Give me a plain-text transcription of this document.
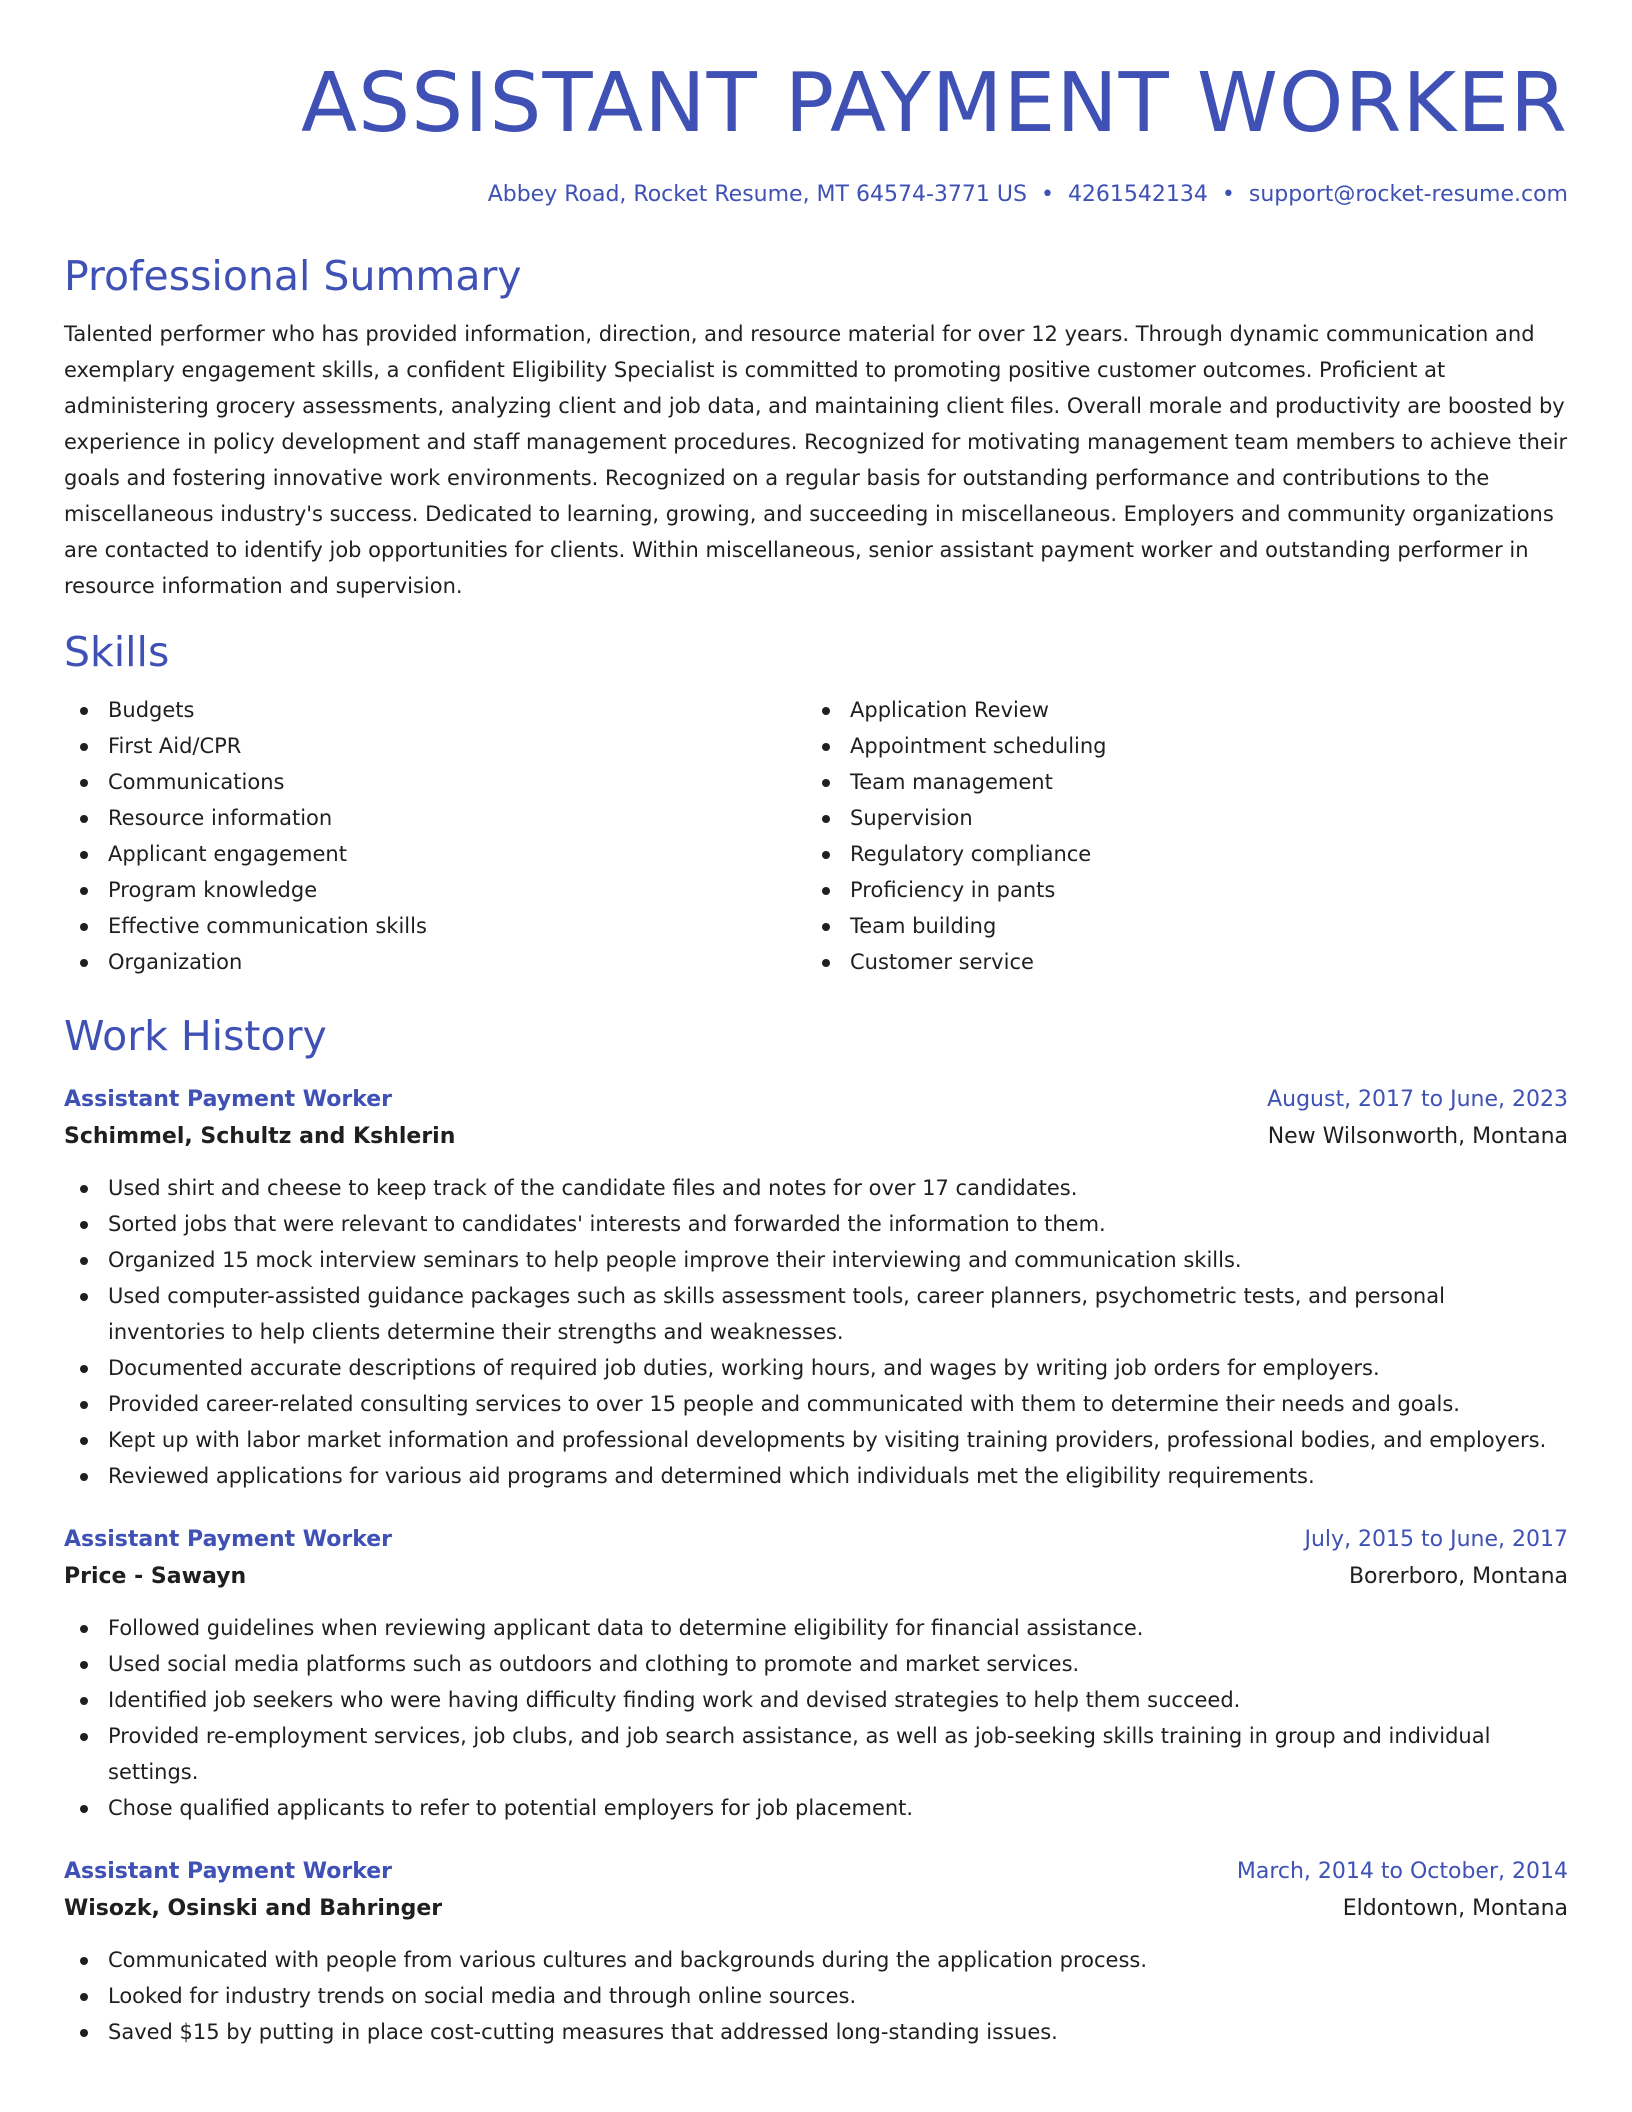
ASSISTANT PAYMENT WORKER
Abbey Road, Rocket Resume, MT 64574-3771 US • 4261542134 • support@rocket-resume.com
Professional Summary

Talented performer who has provided information, direction, and resource material for over 12 years. Through dynamic communication and exemplary engagement skills, a confident Eligibility Specialist is committed to promoting positive customer outcomes. Proficient at administering grocery assessments, analyzing client and job data, and maintaining client files. Overall morale and productivity are boosted by experience in policy development and staff management procedures. Recognized for motivating management team members to achieve their goals and fostering innovative work environments. Recognized on a regular basis for outstanding performance and contributions to the miscellaneous industry's success. Dedicated to learning, growing, and succeeding in miscellaneous. Employers and community organizations are contacted to identify job opportunities for clients. Within miscellaneous, senior assistant payment worker and outstanding performer in resource information and supervision.

Skills
Budgets
First Aid/CPR
Communications
Resource information
Applicant engagement
Program knowledge
Effective communication skills
Organization
Application Review
Appointment scheduling
Team management
Supervision
Regulatory compliance
Proficiency in pants
Team building
Customer service
Work History
Assistant Payment Worker	August, 2017 to June, 2023
Schimmel, Schultz and Kshlerin	New Wilsonworth, Montana
Used shirt and cheese to keep track of the candidate files and notes for over 17 candidates.
Sorted jobs that were relevant to candidates' interests and forwarded the information to them.
Organized 15 mock interview seminars to help people improve their interviewing and communication skills.
Used computer-assisted guidance packages such as skills assessment tools, career planners, psychometric tests, and personal inventories to help clients determine their strengths and weaknesses.
Documented accurate descriptions of required job duties, working hours, and wages by writing job orders for employers.
Provided career-related consulting services to over 15 people and communicated with them to determine their needs and goals.
Kept up with labor market information and professional developments by visiting training providers, professional bodies, and employers.
Reviewed applications for various aid programs and determined which individuals met the eligibility requirements.
Assistant Payment Worker	July, 2015 to June, 2017
Price - Sawayn	Borerboro, Montana
Followed guidelines when reviewing applicant data to determine eligibility for financial assistance.
Used social media platforms such as outdoors and clothing to promote and market services.
Identified job seekers who were having difficulty finding work and devised strategies to help them succeed.
Provided re-employment services, job clubs, and job search assistance, as well as job-seeking skills training in group and individual settings.
Chose qualified applicants to refer to potential employers for job placement.
Assistant Payment Worker	March, 2014 to October, 2014
Wisozk, Osinski and Bahringer	Eldontown, Montana
Communicated with people from various cultures and backgrounds during the application process.
Looked for industry trends on social media and through online sources.
Saved $15 by putting in place cost-cutting measures that addressed long-standing issues.
